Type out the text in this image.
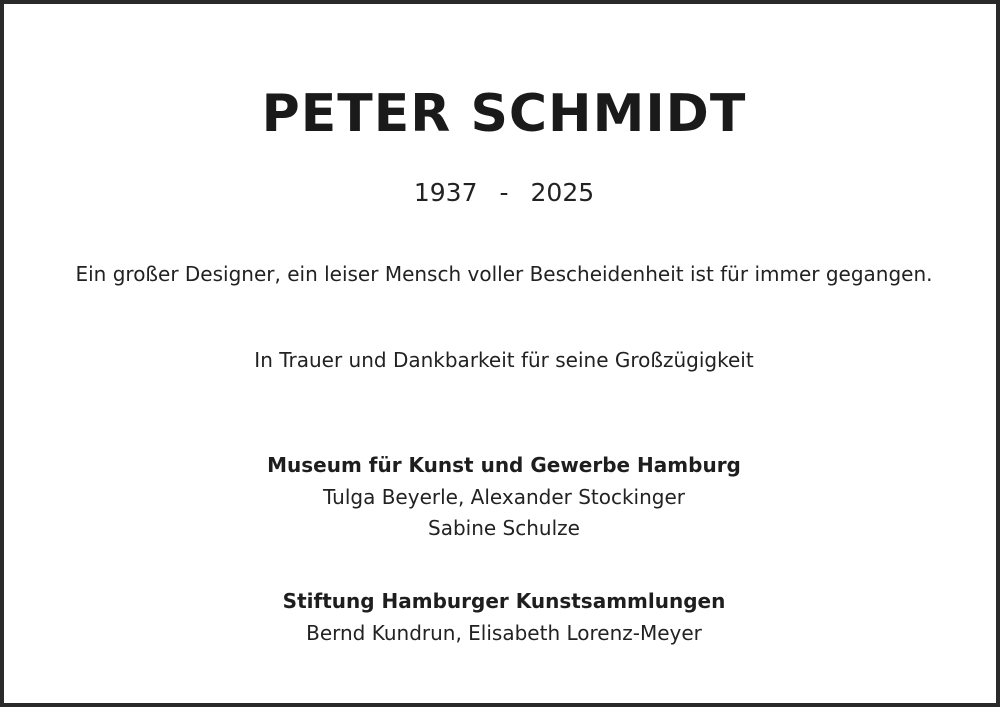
PETER SCHMIDT
1937 - 2025
Ein großer Designer, ein leiser Mensch voller Bescheidenheit ist für immer gegangen.
In Trauer und Dankbarkeit für seine Großzügigkeit
Museum für Kunst und Gewerbe Hamburg
Tulga Beyerle, Alexander Stockinger
Sabine Schulze
Stiftung Hamburger Kunstsammlungen
Bernd Kundrun, Elisabeth Lorenz-Meyer
